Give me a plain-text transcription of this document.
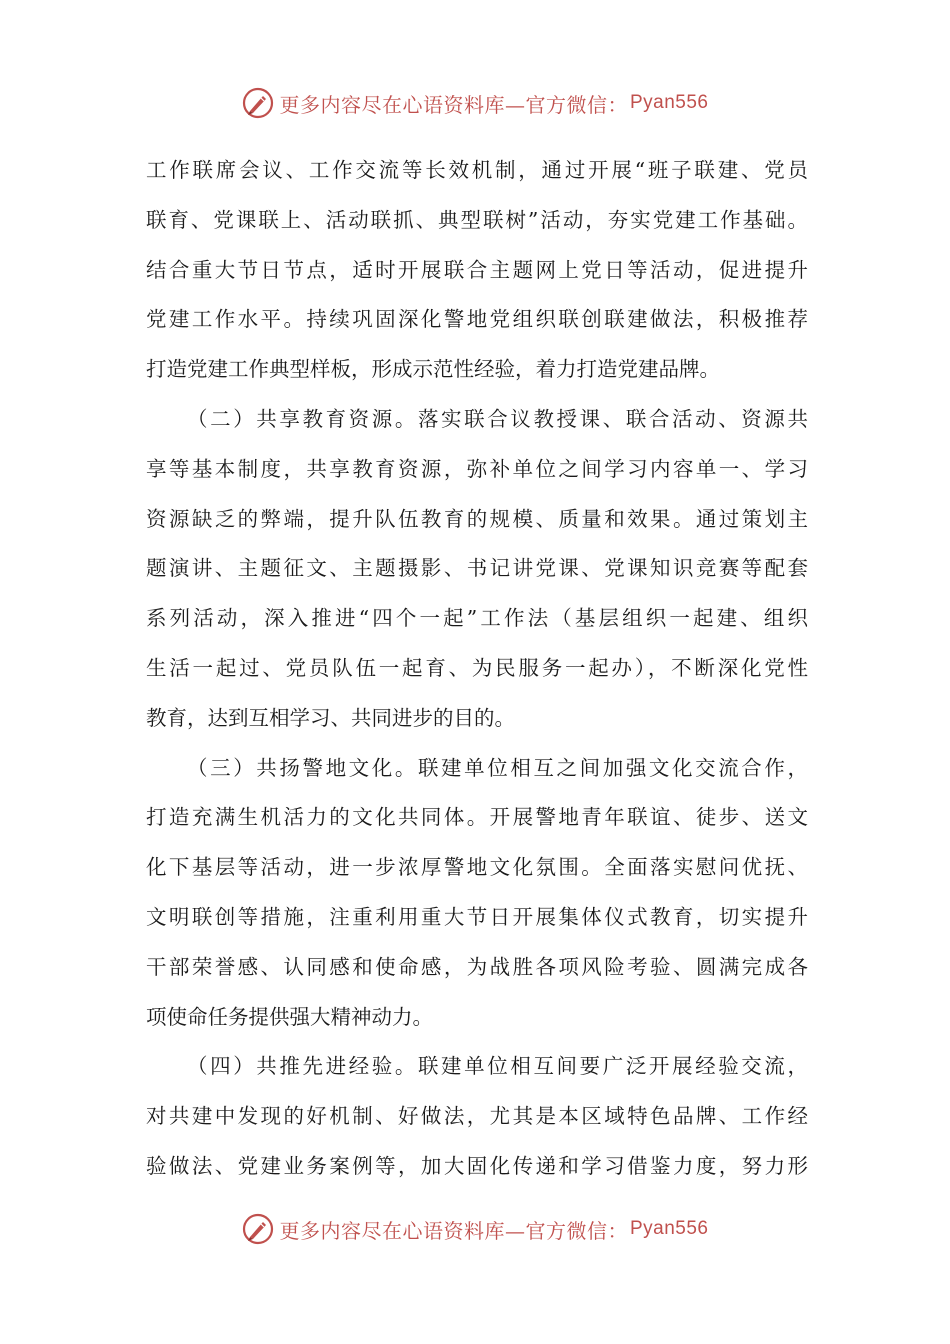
更多内容尽在心语资料库—官方微信： Pyan556
工作联席会议、工作交流等长效机制，通过开展“班子联建、党员
联育、党课联上、活动联抓、典型联树”活动，夯实党建工作基础。
结合重大节日节点，适时开展联合主题网上党日等活动，促进提升
党建工作水平。持续巩固深化警地党组织联创联建做法，积极推荐
打造党建工作典型样板，形成示范性经验，着力打造党建品牌。
（二）共享教育资源。落实联合议教授课、联合活动、资源共
享等基本制度，共享教育资源，弥补单位之间学习内容单一、学习
资源缺乏的弊端，提升队伍教育的规模、质量和效果。通过策划主
题演讲、主题征文、主题摄影、书记讲党课、党课知识竞赛等配套
系列活动，深入推进“四个一起”工作法（基层组织一起建、组织
生活一起过、党员队伍一起育、为民服务一起办），不断深化党性
教育，达到互相学习、共同进步的目的。
（三）共扬警地文化。联建单位相互之间加强文化交流合作，
打造充满生机活力的文化共同体。开展警地青年联谊、徒步、送文
化下基层等活动，进一步浓厚警地文化氛围。全面落实慰问优抚、
文明联创等措施，注重利用重大节日开展集体仪式教育，切实提升
干部荣誉感、认同感和使命感，为战胜各项风险考验、圆满完成各
项使命任务提供强大精神动力。
（四）共推先进经验。联建单位相互间要广泛开展经验交流，
对共建中发现的好机制、好做法，尤其是本区域特色品牌、工作经
验做法、党建业务案例等，加大固化传递和学习借鉴力度，努力形
更多内容尽在心语资料库—官方微信： Pyan556
